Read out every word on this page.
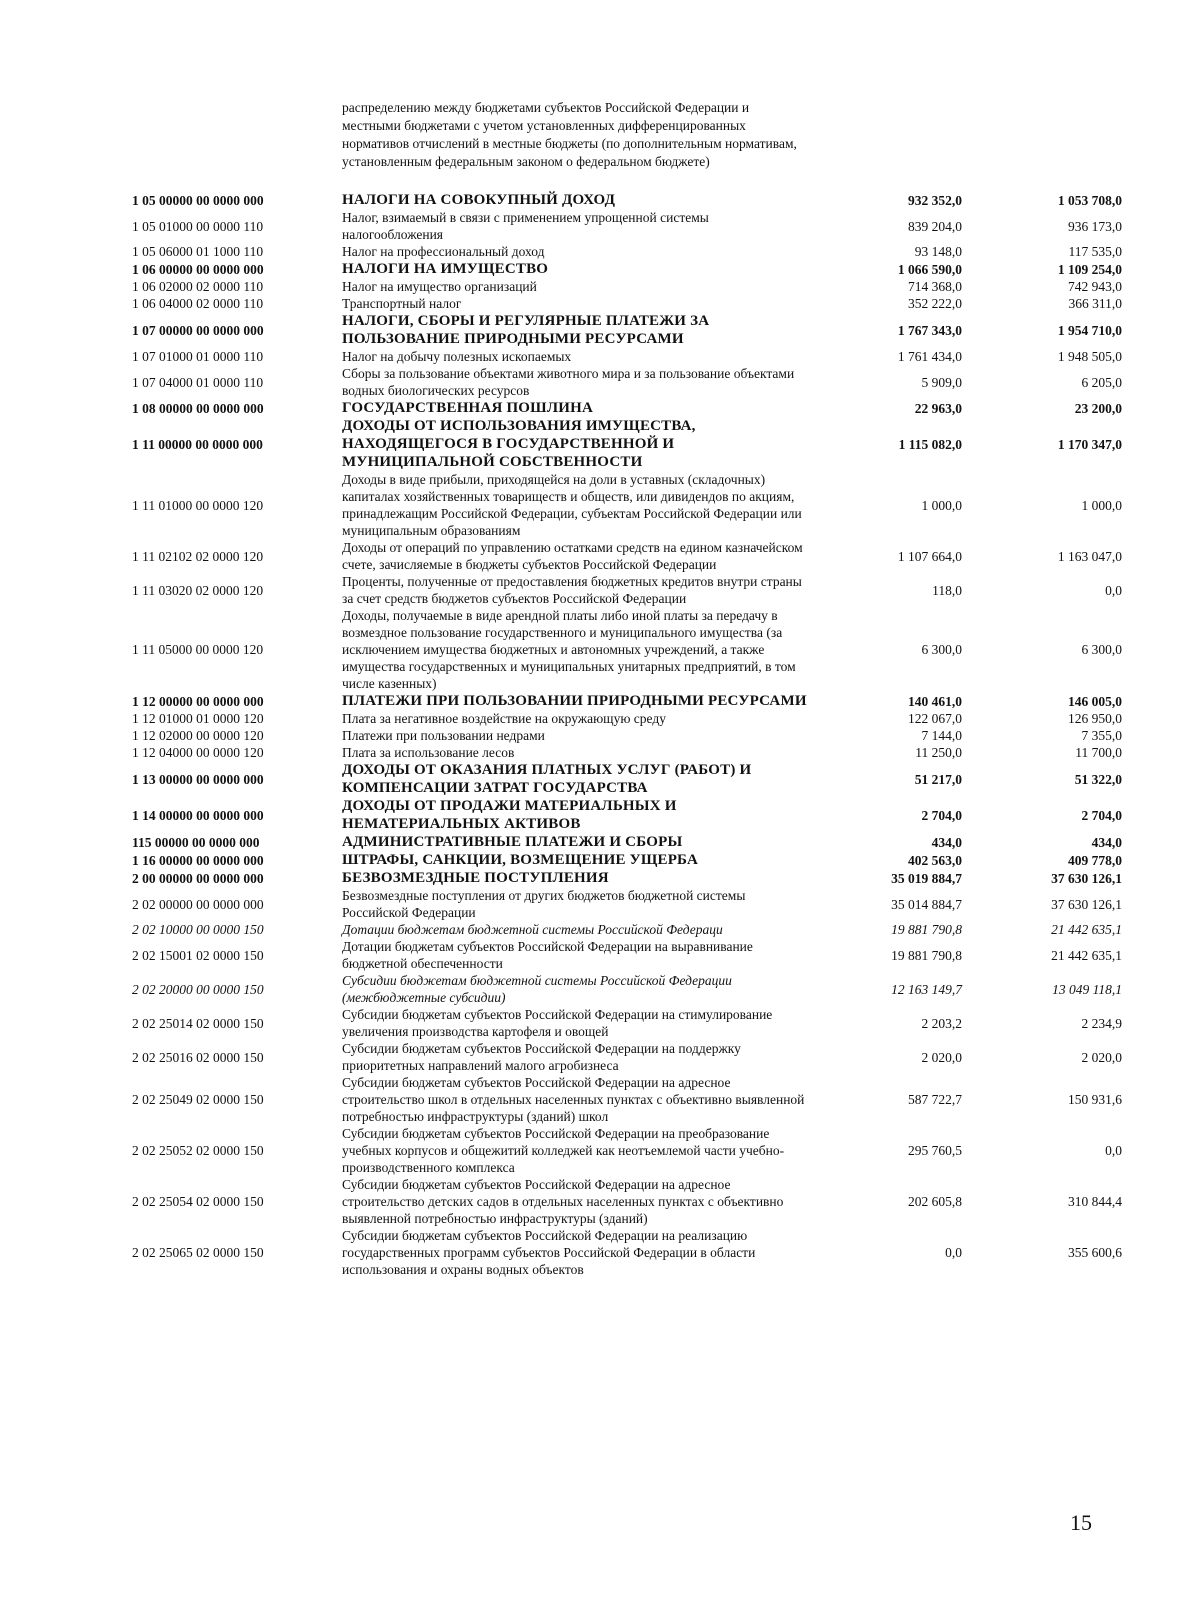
распределению между бюджетами субъектов Российской Федерации и местными бюджетами с учетом установленных дифференцированных нормативов отчислений в местные бюджеты (по дополнительным нормативам, установленным федеральным законом о федеральном бюджете)
1 05 00000 00 0000 000	НАЛОГИ НА СОВОКУПНЫЙ ДОХОД	932 352,0	1 053 708,0
1 05 01000 00 0000 110	Налог, взимаемый в связи с применением упрощенной системы налогообложения	839 204,0	936 173,0
1 05 06000 01 1000 110	Налог на профессиональный доход	93 148,0	117 535,0
1 06 00000 00 0000 000	НАЛОГИ НА ИМУЩЕСТВО	1 066 590,0	1 109 254,0
1 06 02000 02 0000 110	Налог на имущество организаций	714 368,0	742 943,0
1 06 04000 02 0000 110	Транспортный налог	352 222,0	366 311,0
1 07 00000 00 0000 000	НАЛОГИ, СБОРЫ И РЕГУЛЯРНЫЕ ПЛАТЕЖИ ЗА ПОЛЬЗОВАНИЕ ПРИРОДНЫМИ РЕСУРСАМИ	1 767 343,0	1 954 710,0
1 07 01000 01 0000 110	Налог на добычу полезных ископаемых	1 761 434,0	1 948 505,0
1 07 04000 01 0000 110	Сборы за пользование объектами животного мира и за пользование объектами водных биологических ресурсов	5 909,0	6 205,0
1 08 00000 00 0000 000	ГОСУДАРСТВЕННАЯ ПОШЛИНА	22 963,0	23 200,0
1 11 00000 00 0000 000	ДОХОДЫ ОТ ИСПОЛЬЗОВАНИЯ ИМУЩЕСТВА, НАХОДЯЩЕГОСЯ В ГОСУДАРСТВЕННОЙ И МУНИЦИПАЛЬНОЙ СОБСТВЕННОСТИ	1 115 082,0	1 170 347,0
1 11 01000 00 0000 120	Доходы в виде прибыли, приходящейся на доли в уставных (складочных) капиталах хозяйственных товариществ и обществ, или дивидендов по акциям, принадлежащим Российской Федерации, субъектам Российской Федерации или муниципальным образованиям	1 000,0	1 000,0
1 11 02102 02 0000 120	Доходы от операций по управлению остатками средств на едином казначейском счете, зачисляемые в бюджеты субъектов Российской Федерации	1 107 664,0	1 163 047,0
1 11 03020 02 0000 120	Проценты, полученные от предоставления бюджетных кредитов внутри страны за счет средств бюджетов субъектов Российской Федерации	118,0	0,0
1 11 05000 00 0000 120	Доходы, получаемые в виде арендной платы либо иной платы за передачу в возмездное пользование государственного и муниципального имущества (за исключением имущества бюджетных и автономных учреждений, а также имущества государственных и муниципальных унитарных предприятий, в том числе казенных)	6 300,0	6 300,0
1 12 00000 00 0000 000	ПЛАТЕЖИ ПРИ ПОЛЬЗОВАНИИ ПРИРОДНЫМИ РЕСУРСАМИ	140 461,0	146 005,0
1 12 01000 01 0000 120	Плата за негативное воздействие на окружающую среду	122 067,0	126 950,0
1 12 02000 00 0000 120	Платежи при пользовании недрами	7 144,0	7 355,0
1 12 04000 00 0000 120	Плата за использование лесов	11 250,0	11 700,0
1 13 00000 00 0000 000	ДОХОДЫ ОТ ОКАЗАНИЯ ПЛАТНЫХ УСЛУГ (РАБОТ) И КОМПЕНСАЦИИ ЗАТРАТ ГОСУДАРСТВА	51 217,0	51 322,0
1 14 00000 00 0000 000	ДОХОДЫ ОТ ПРОДАЖИ МАТЕРИАЛЬНЫХ И НЕМАТЕРИАЛЬНЫХ АКТИВОВ	2 704,0	2 704,0
115 00000 00 0000 000	АДМИНИСТРАТИВНЫЕ ПЛАТЕЖИ И СБОРЫ	434,0	434,0
1 16 00000 00 0000 000	ШТРАФЫ, САНКЦИИ, ВОЗМЕЩЕНИЕ УЩЕРБА	402 563,0	409 778,0
2 00 00000 00 0000 000	БЕЗВОЗМЕЗДНЫЕ ПОСТУПЛЕНИЯ	35 019 884,7	37 630 126,1
2 02 00000 00 0000 000	Безвозмездные поступления от других бюджетов бюджетной системы Российской Федерации	35 014 884,7	37 630 126,1
2 02 10000 00 0000 150	Дотации бюджетам бюджетной системы Российской Федераци	19 881 790,8	21 442 635,1
2 02 15001 02 0000 150	Дотации бюджетам субъектов Российской Федерации на выравнивание бюджетной обеспеченности	19 881 790,8	21 442 635,1
2 02 20000 00 0000 150	Субсидии бюджетам бюджетной системы Российской Федерации (межбюджетные субсидии)	12 163 149,7	13 049 118,1
2 02 25014 02 0000 150	Субсидии бюджетам субъектов Российской Федерации на стимулирование увеличения производства картофеля и овощей	2 203,2	2 234,9
2 02 25016 02 0000 150	Субсидии бюджетам субъектов Российской Федерации на поддержку приоритетных направлений малого агробизнеса	2 020,0	2 020,0
2 02 25049 02 0000 150	Субсидии бюджетам субъектов Российской Федерации на адресное строительство школ в отдельных населенных пунктах с объективно выявленной потребностью инфраструктуры (зданий) школ	587 722,7	150 931,6
2 02 25052 02 0000 150	Субсидии бюджетам субъектов Российской Федерации на преобразование учебных корпусов и общежитий колледжей как неотъемлемой части учебно-производственного комплекса	295 760,5	0,0
2 02 25054 02 0000 150	Субсидии бюджетам субъектов Российской Федерации на адресное строительство детских садов в отдельных населенных пунктах с объективно выявленной потребностью инфраструктуры (зданий)	202 605,8	310 844,4
2 02 25065 02 0000 150	Субсидии бюджетам субъектов Российской Федерации на реализацию государственных программ субъектов Российской Федерации в области использования и охраны водных объектов	0,0	355 600,6
15
